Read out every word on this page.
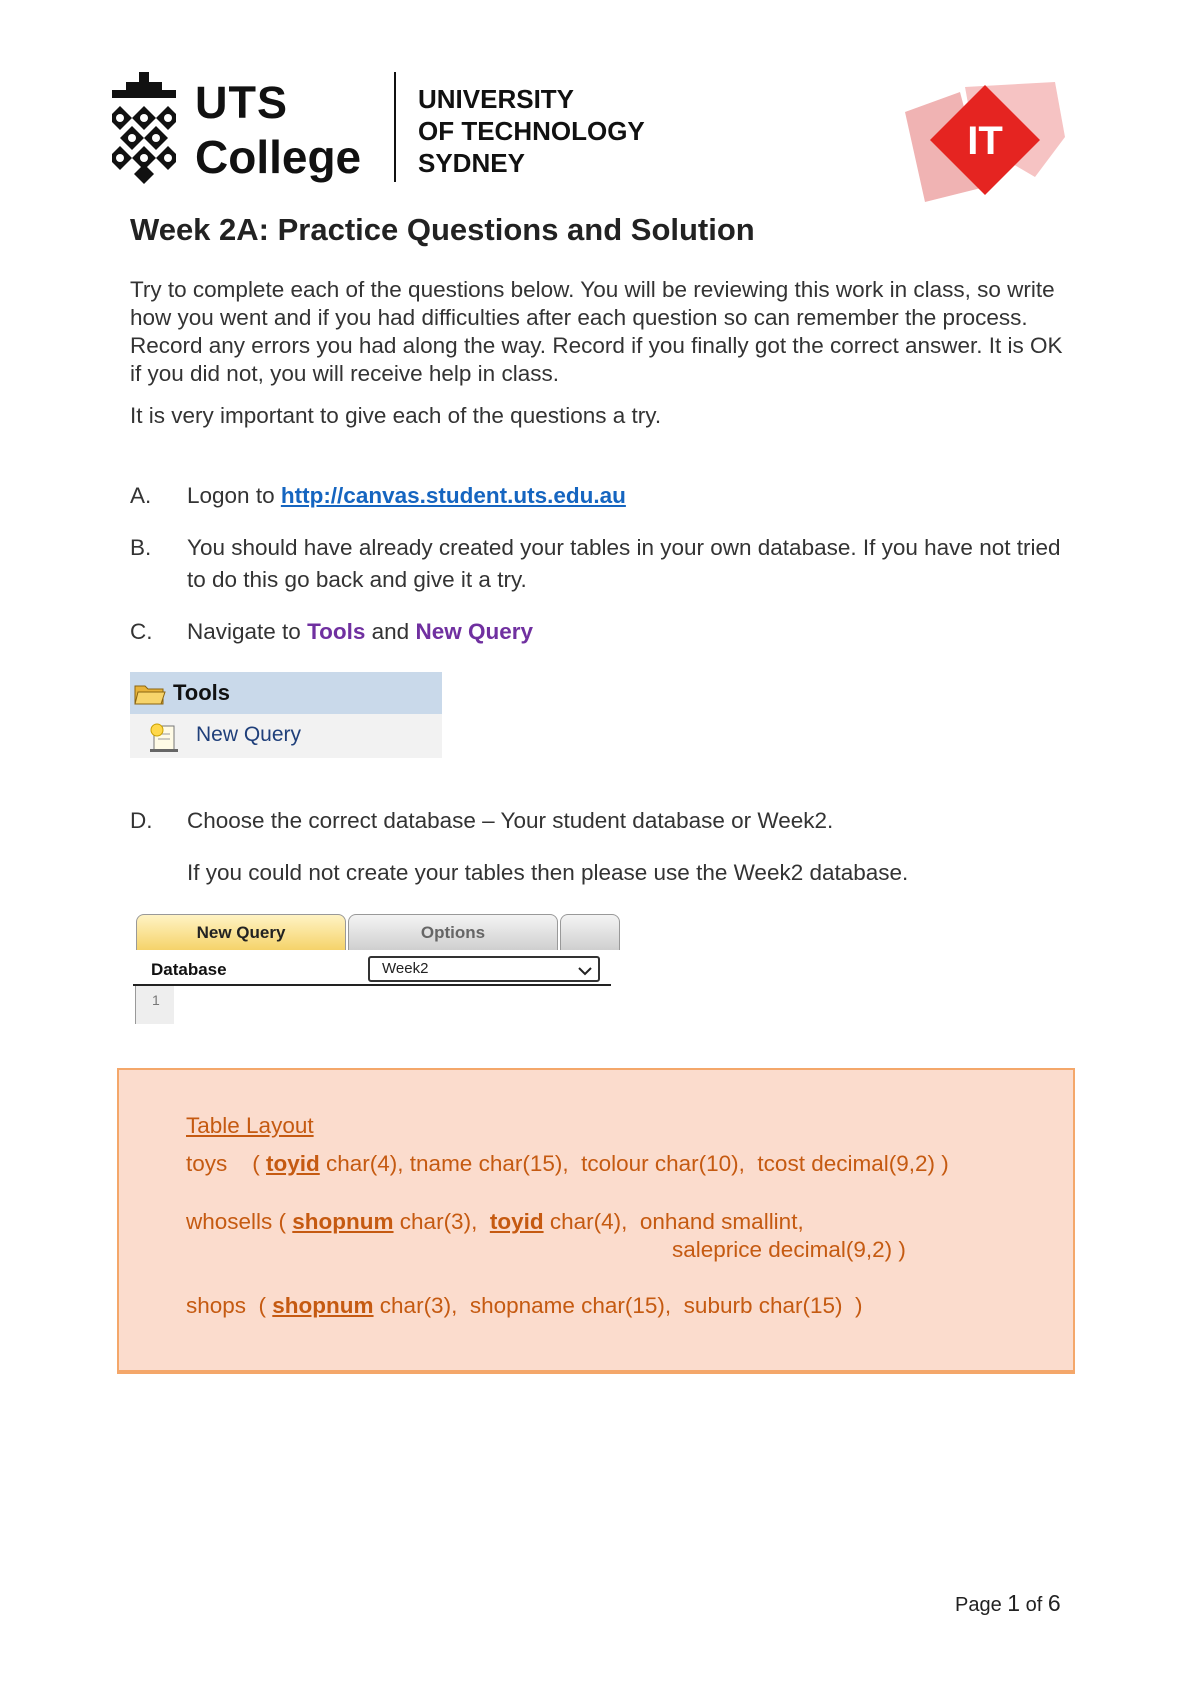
UTS
College
UNIVERSITY
OF TECHNOLOGY
SYDNEY	IT
Week 2A: Practice Questions and Solution

Try to complete each of the questions below. You will be reviewing this work in class, so write how you went and if you had difficulties after each question so can remember the process. Record any errors you had along the way. Record if you finally got the correct answer. It is OK if you did not, you will receive help in class.

It is very important to give each of the questions a try.

A. Logon to http://canvas.student.uts.edu.au
B. You should have already created your tables in your own database. If you have not tried to do this go back and give it a try.
C. Navigate to Tools and New Query
Tools
New Query
D. Choose the correct database – Your student database or Week2.
If you could not create your tables then please use the Week2 database.
New Query	Options
Database	Week2
1
Table Layout
toys    ( toyid char(4), tname char(15),  tcolour char(10),  tcost decimal(9,2) )
whosells ( shopnum char(3),  toyid char(4),  onhand smallint,
saleprice decimal(9,2) )
shops  ( shopnum char(3),  shopname char(15),  suburb char(15)  )
Page 1 of 6
